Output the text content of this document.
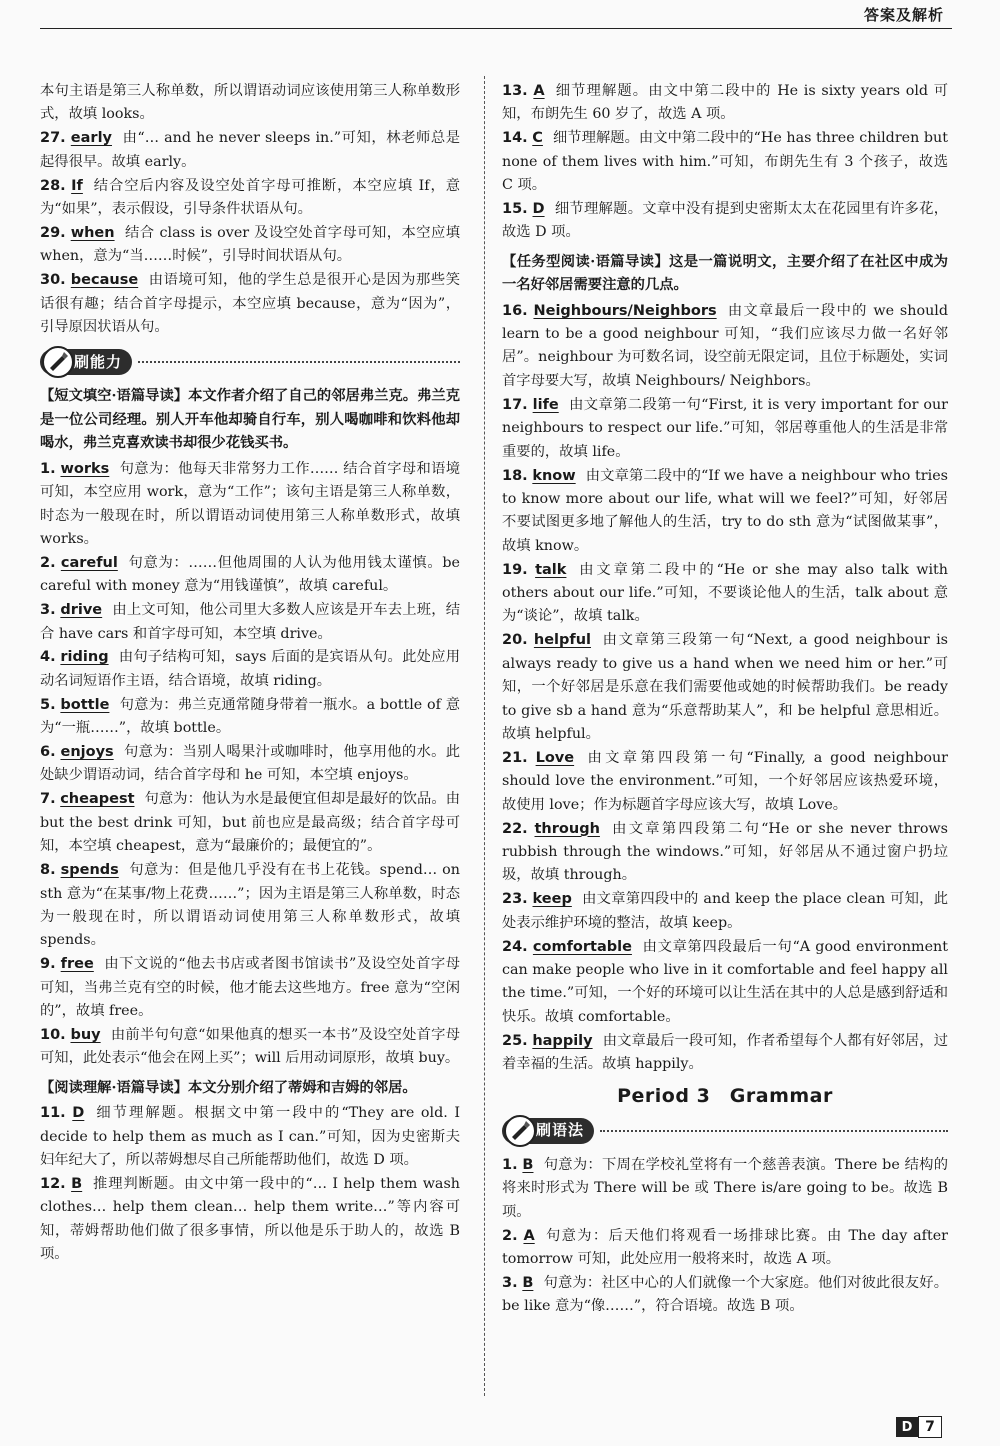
答案及解析
本句主语是第三人称单数，所以谓语动词应该使用第三人称单数形式，故填 looks。
27. early 由“… and he never sleeps in.”可知，林老师总是起得很早。故填 early。
28. If 结合空后内容及设空处首字母可推断，本空应填 If，意为“如果”，表示假设，引导条件状语从句。
29. when 结合 class is over 及设空处首字母可知，本空应填 when，意为“当……时候”，引导时间状语从句。
30. because 由语境可知，他的学生总是很开心是因为那些笑话很有趣；结合首字母提示，本空应填 because，意为“因为”，引导原因状语从句。
刷能力
【短文填空·语篇导读】本文作者介绍了自己的邻居弗兰克。弗兰克是一位公司经理。别人开车他却骑自行车，别人喝咖啡和饮料他却喝水，弗兰克喜欢读书却很少花钱买书。
1. works 句意为：他每天非常努力工作…… 结合首字母和语境可知，本空应用 work，意为“工作”；该句主语是第三人称单数，时态为一般现在时，所以谓语动词使用第三人称单数形式，故填 works。
2. careful 句意为：……但他周围的人认为他用钱太谨慎。be careful with money 意为“用钱谨慎”，故填 careful。
3. drive 由上文可知，他公司里大多数人应该是开车去上班，结合 have cars 和首字母可知，本空填 drive。
4. riding 由句子结构可知，says 后面的是宾语从句。此处应用动名词短语作主语，结合语境，故填 riding。
5. bottle 句意为：弗兰克通常随身带着一瓶水。a bottle of 意为“一瓶……”，故填 bottle。
6. enjoys 句意为：当别人喝果汁或咖啡时，他享用他的水。此处缺少谓语动词，结合首字母和 he 可知，本空填 enjoys。
7. cheapest 句意为：他认为水是最便宜但却是最好的饮品。由 but the best drink 可知，but 前也应是最高级；结合首字母可知，本空填 cheapest，意为“最廉价的；最便宜的”。
8. spends 句意为：但是他几乎没有在书上花钱。spend… on sth 意为“在某事/物上花费……”；因为主语是第三人称单数，时态为一般现在时，所以谓语动词使用第三人称单数形式，故填 spends。
9. free 由下文说的“他去书店或者图书馆读书”及设空处首字母可知，当弗兰克有空的时候，他才能去这些地方。free 意为“空闲的”，故填 free。
10. buy 由前半句句意“如果他真的想买一本书”及设空处首字母可知，此处表示“他会在网上买”；will 后用动词原形，故填 buy。
【阅读理解·语篇导读】本文分别介绍了蒂姆和吉姆的邻居。
11. D 细节理解题。根据文中第一段中的“They are old. I decide to help them as much as I can.”可知，因为史密斯夫妇年纪大了，所以蒂姆想尽自己所能帮助他们，故选 D 项。
12. B 推理判断题。由文中第一段中的“… I help them wash clothes… help them clean… help them write…”等内容可知，蒂姆帮助他们做了很多事情，所以他是乐于助人的，故选 B 项。
13. A 细节理解题。由文中第二段中的 He is sixty years old 可知，布朗先生 60 岁了，故选 A 项。
14. C 细节理解题。由文中第二段中的“He has three children but none of them lives with him.”可知，布朗先生有 3 个孩子，故选 C 项。
15. D 细节理解题。文章中没有提到史密斯太太在花园里有许多花，故选 D 项。
【任务型阅读·语篇导读】这是一篇说明文，主要介绍了在社区中成为一名好邻居需要注意的几点。
16. Neighbours/Neighbors 由文章最后一段中的 we should learn to be a good neighbour 可知，“我们应该尽力做一名好邻居”。neighbour 为可数名词，设空前无限定词，且位于标题处，实词首字母要大写，故填 Neighbours/ Neighbors。
17. life 由文章第二段第一句“First, it is very important for our neighbours to respect our life.”可知，邻居尊重他人的生活是非常重要的，故填 life。
18. know 由文章第二段中的“If we have a neighbour who tries to know more about our life, what will we feel?”可知，好邻居不要试图更多地了解他人的生活，try to do sth 意为“试图做某事”，故填 know。
19. talk 由文章第二段中的“He or she may also talk with others about our life.”可知，不要谈论他人的生活，talk about 意为“谈论”，故填 talk。
20. helpful 由文章第三段第一句“Next, a good neighbour is always ready to give us a hand when we need him or her.”可知，一个好邻居是乐意在我们需要他或她的时候帮助我们。be ready to give sb a hand 意为“乐意帮助某人”，和 be helpful 意思相近。故填 helpful。
21. Love 由文章第四段第一句“Finally, a good neighbour should love the environment.”可知，一个好邻居应该热爱环境，故使用 love；作为标题首字母应该大写，故填 Love。
22. through 由文章第四段第二句“He or she never throws rubbish through the windows.”可知，好邻居从不通过窗户扔垃圾，故填 through。
23. keep 由文章第四段中的 and keep the place clean 可知，此处表示维护环境的整洁，故填 keep。
24. comfortable 由文章第四段最后一句“A good environment can make people who live in it comfortable and feel happy all the time.”可知，一个好的环境可以让生活在其中的人总是感到舒适和快乐。故填 comfortable。
25. happily 由文章最后一段可知，作者希望每个人都有好邻居，过着幸福的生活。故填 happily。
Period 3　Grammar
刷语法
1. B 句意为：下周在学校礼堂将有一个慈善表演。There be 结构的将来时形式为 There will be 或 There is/are going to be。故选 B 项。
2. A 句意为：后天他们将观看一场排球比赛。由 The day after tomorrow 可知，此处应用一般将来时，故选 A 项。
3. B 句意为：社区中心的人们就像一个大家庭。他们对彼此很友好。be like 意为“像……”，符合语境。故选 B 项。
D 7
